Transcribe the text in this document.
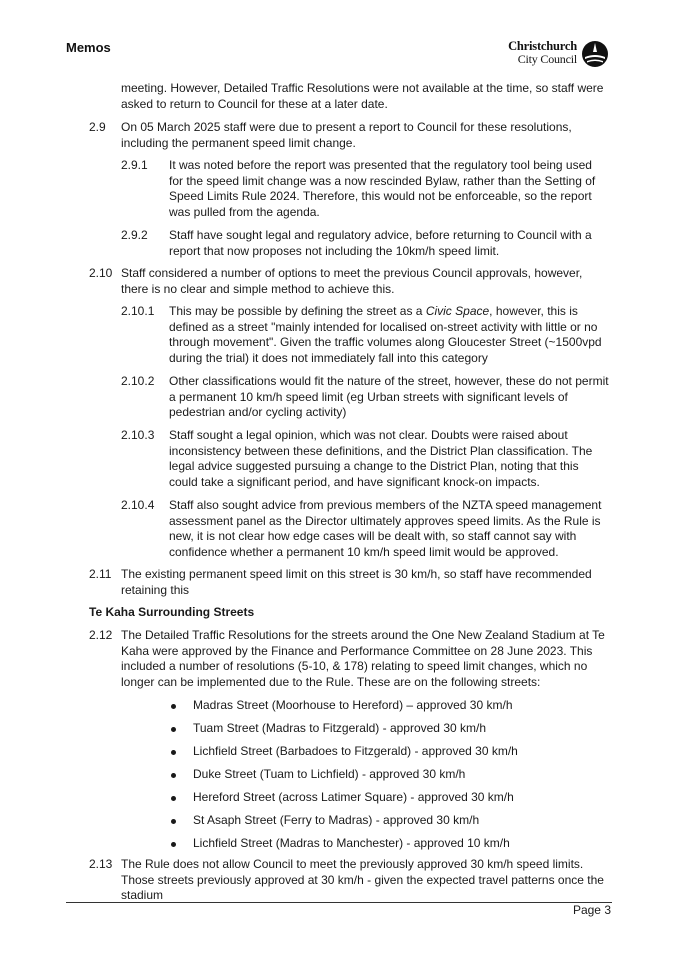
Memos	Christchurch
City Council
meeting. However, Detailed Traffic Resolutions were not available at the time, so staff were asked to return to Council for these at a later date.
2.9 On 05 March 2025 staff were due to present a report to Council for these resolutions, including the permanent speed limit change.
2.9.1 It was noted before the report was presented that the regulatory tool being used for the speed limit change was a now rescinded Bylaw, rather than the Setting of Speed Limits Rule 2024. Therefore, this would not be enforceable, so the report was pulled from the agenda.
2.9.2 Staff have sought legal and regulatory advice, before returning to Council with a report that now proposes not including the 10km/h speed limit.
2.10 Staff considered a number of options to meet the previous Council approvals, however, there is no clear and simple method to achieve this.
2.10.1 This may be possible by defining the street as a Civic Space, however, this is defined as a street "mainly intended for localised on-street activity with little or no through movement". Given the traffic volumes along Gloucester Street (~1500vpd during the trial) it does not immediately fall into this category
2.10.2 Other classifications would fit the nature of the street, however, these do not permit a permanent 10 km/h speed limit (eg Urban streets with significant levels of pedestrian and/or cycling activity)
2.10.3 Staff sought a legal opinion, which was not clear. Doubts were raised about inconsistency between these definitions, and the District Plan classification. The legal advice suggested pursuing a change to the District Plan, noting that this could take a significant period, and have significant knock-on impacts.
2.10.4 Staff also sought advice from previous members of the NZTA speed management assessment panel as the Director ultimately approves speed limits. As the Rule is new, it is not clear how edge cases will be dealt with, so staff cannot say with confidence whether a permanent 10 km/h speed limit would be approved.
2.11 The existing permanent speed limit on this street is 30 km/h, so staff have recommended retaining this
Te Kaha Surrounding Streets
2.12 The Detailed Traffic Resolutions for the streets around the One New Zealand Stadium at Te Kaha were approved by the Finance and Performance Committee on 28 June 2023. This included a number of resolutions (5-10, & 178) relating to speed limit changes, which no longer can be implemented due to the Rule. These are on the following streets:
Madras Street (Moorhouse to Hereford) – approved 30 km/h
Tuam Street (Madras to Fitzgerald) - approved 30 km/h
Lichfield Street (Barbadoes to Fitzgerald) - approved 30 km/h
Duke Street (Tuam to Lichfield) - approved 30 km/h
Hereford Street (across Latimer Square) - approved 30 km/h
St Asaph Street (Ferry to Madras) - approved 30 km/h
Lichfield Street (Madras to Manchester) - approved 10 km/h
2.13 The Rule does not allow Council to meet the previously approved 30 km/h speed limits. Those streets previously approved at 30 km/h - given the expected travel patterns once the stadium
Page 3
